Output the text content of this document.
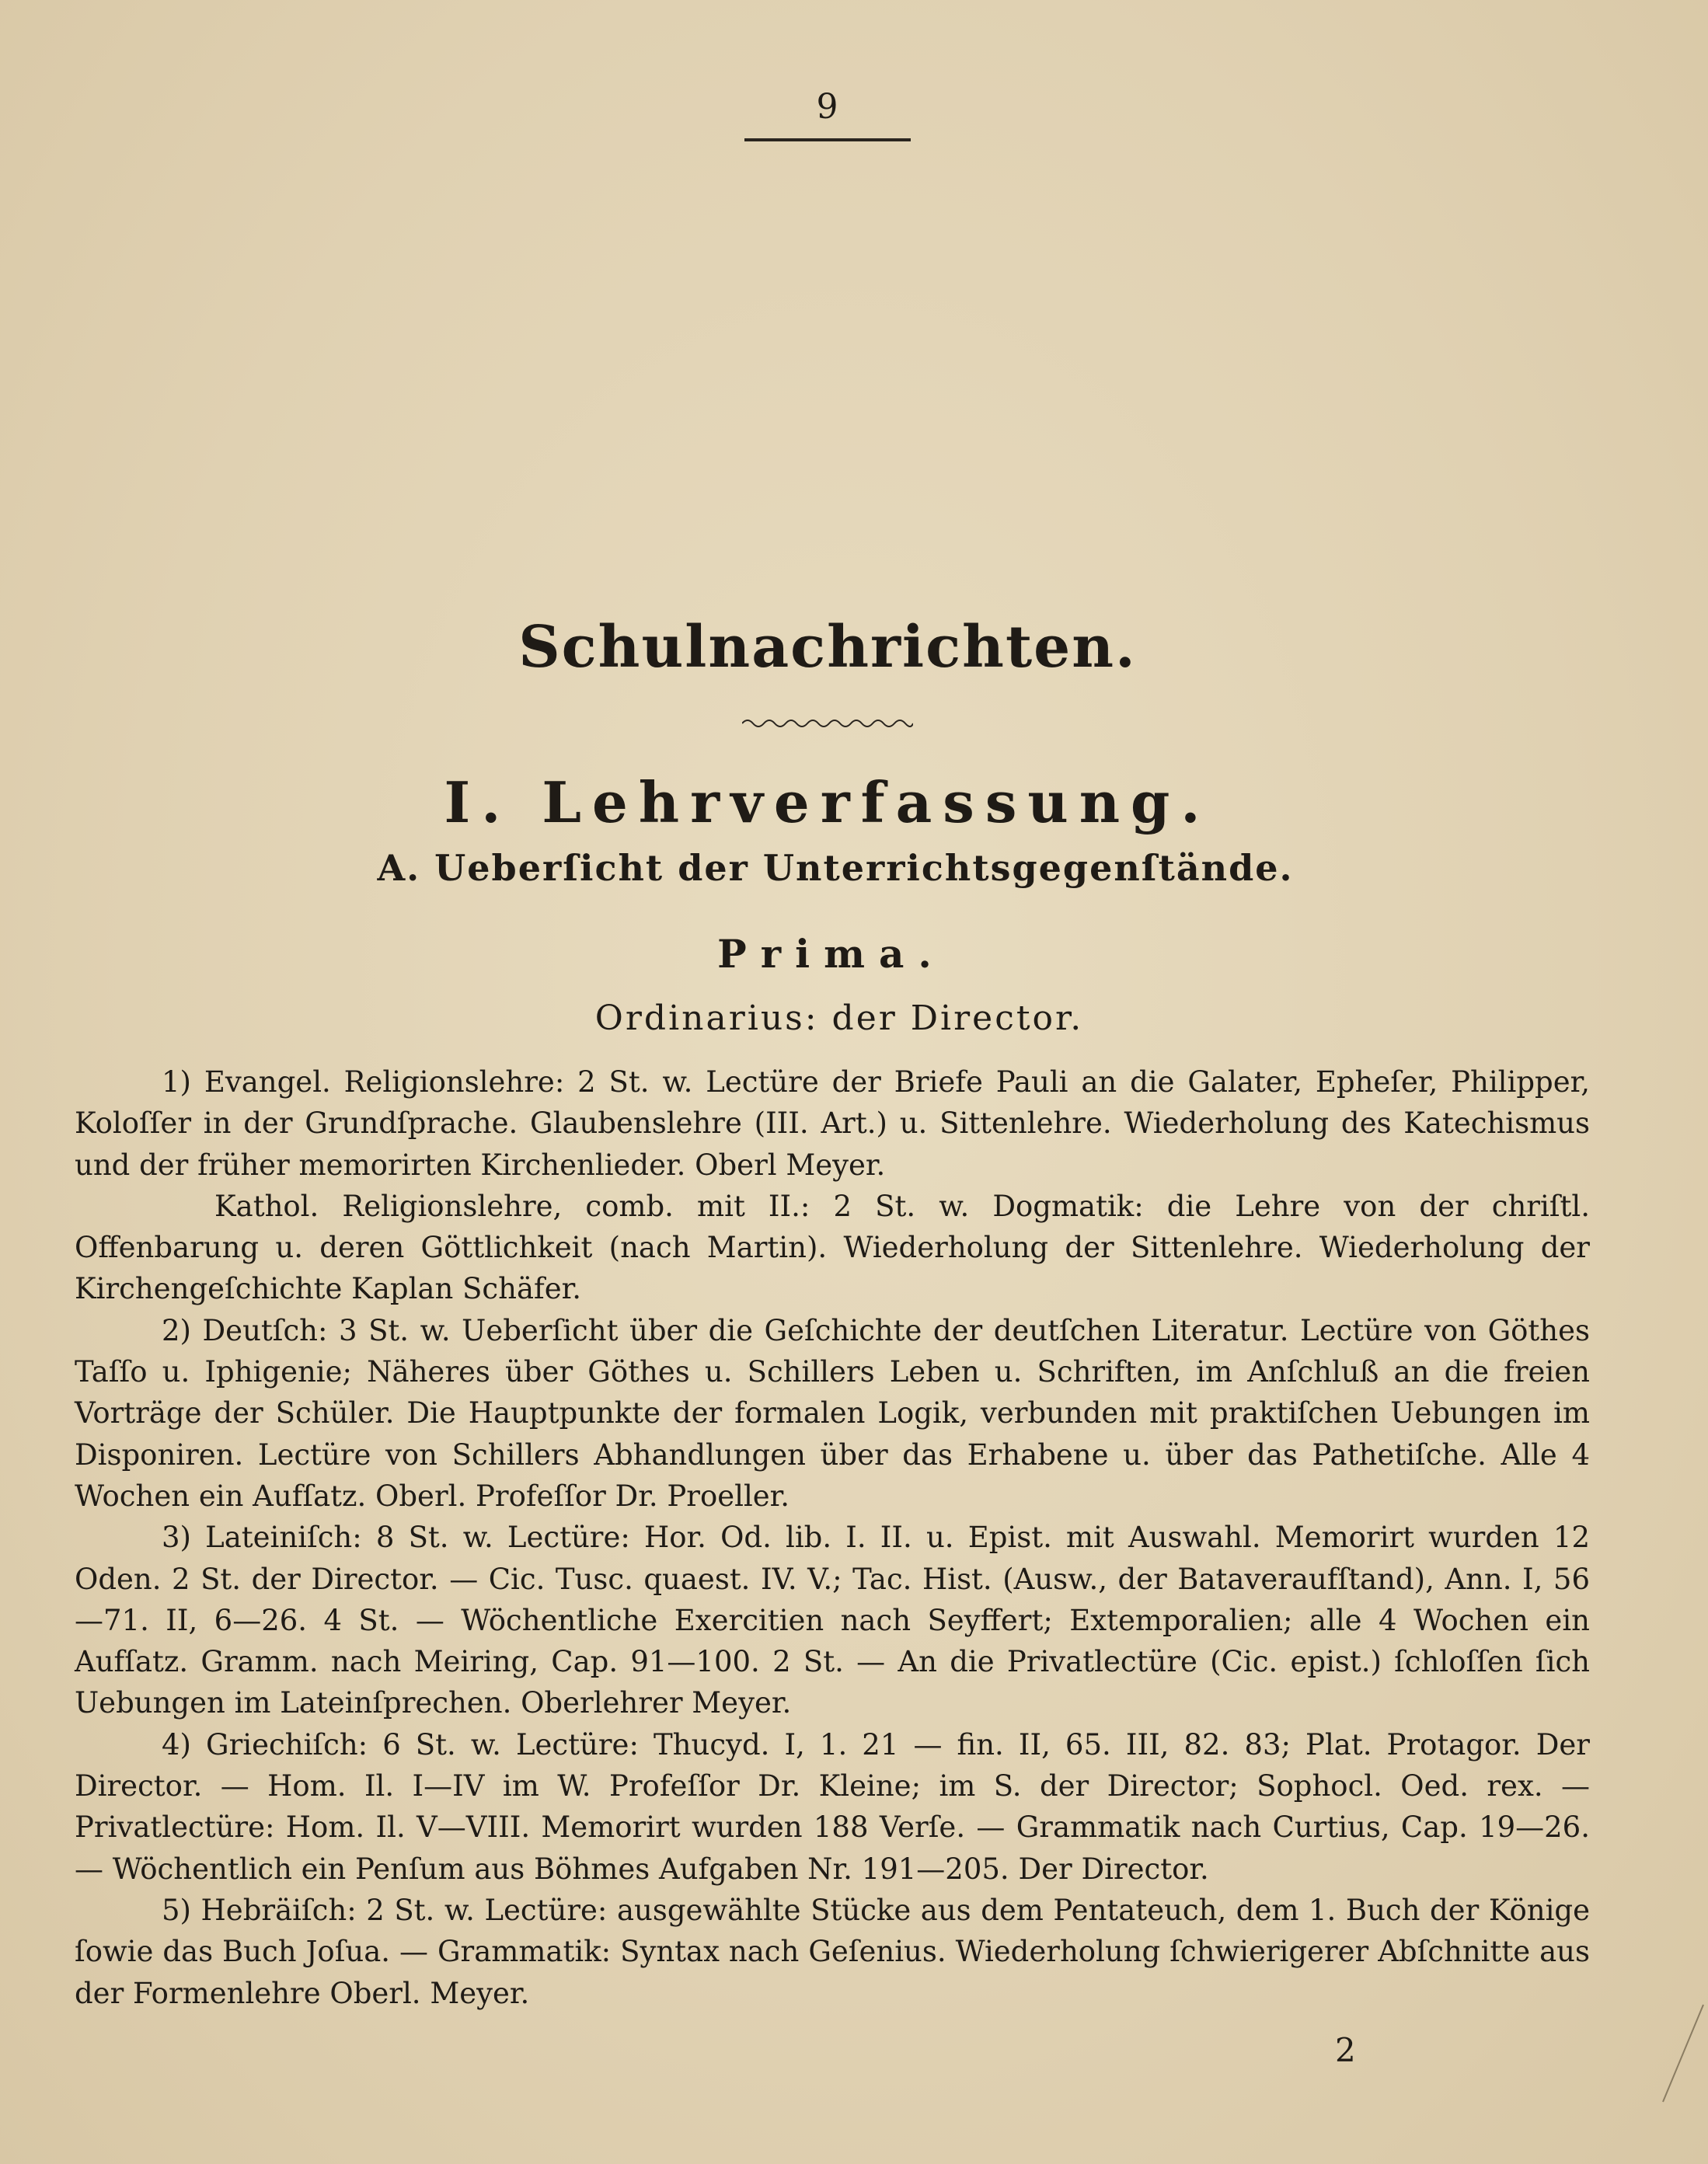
9
Schulnachrichten.
I. Lehrverfassung.
A. Ueberſicht der Unterrichtsgegenſtände.
Prima.
Ordinarius: der Director.

1) Evangel. Religionslehre: 2 St. w. Lectüre der Briefe Pauli an die Galater, Epheſer, Philipper, Koloſſer in der Grundſprache. Glaubenslehre (III. Art.) u. Sittenlehre. Wiederholung des Katechismus und der früher memorirten Kirchenlieder. Oberl Meyer.

Kathol. Religionslehre, comb. mit II.: 2 St. w. Dogmatik: die Lehre von der chriſtl. Offenbarung u. deren Göttlichkeit (nach Martin). Wiederholung der Sittenlehre. Wiederholung der Kirchengeſchichte Kaplan Schäfer.

2) Deutſch: 3 St. w. Ueberſicht über die Geſchichte der deutſchen Literatur. Lectüre von Göthes Taſſo u. Iphigenie; Näheres über Göthes u. Schillers Leben u. Schriften, im Anſchluß an die freien Vorträge der Schüler. Die Hauptpunkte der formalen Logik, verbunden mit praktiſchen Uebungen im Disponiren. Lectüre von Schillers Abhandlungen über das Erhabene u. über das Pathetiſche. Alle 4 Wochen ein Aufſatz. Oberl. Profeſſor Dr. Proeller.

3) Lateiniſch: 8 St. w. Lectüre: Hor. Od. lib. I. II. u. Epist. mit Auswahl. Memorirt wurden 12 Oden. 2 St. der Director. — Cic. Tusc. quaest. IV. V.; Tac. Hist. (Ausw., der Bataveraufſtand), Ann. I, 56—71. II, 6—26. 4 St. — Wöchentliche Exercitien nach Seyffert; Extemporalien; alle 4 Wochen ein Aufſatz. Gramm. nach Meiring, Cap. 91—100. 2 St. — An die Privatlectüre (Cic. epist.) ſchloſſen ſich Uebungen im Lateinſprechen. Oberlehrer Meyer.

4) Griechiſch: 6 St. w. Lectüre: Thucyd. I, 1. 21 — fin. II, 65. III, 82. 83; Plat. Protagor. Der Director. — Hom. Il. I—IV im W. Profeſſor Dr. Kleine; im S. der Director; Sophocl. Oed. rex. — Privatlectüre: Hom. Il. V—VIII. Memorirt wurden 188 Verſe. — Grammatik nach Curtius, Cap. 19—26. — Wöchentlich ein Penſum aus Böhmes Aufgaben Nr. 191—205. Der Director.

5) Hebräiſch: 2 St. w. Lectüre: ausgewählte Stücke aus dem Pentateuch, dem 1. Buch der Könige ſowie das Buch Joſua. — Grammatik: Syntax nach Geſenius. Wiederholung ſchwierigerer Abſchnitte aus der Formenlehre Oberl. Meyer.

2
